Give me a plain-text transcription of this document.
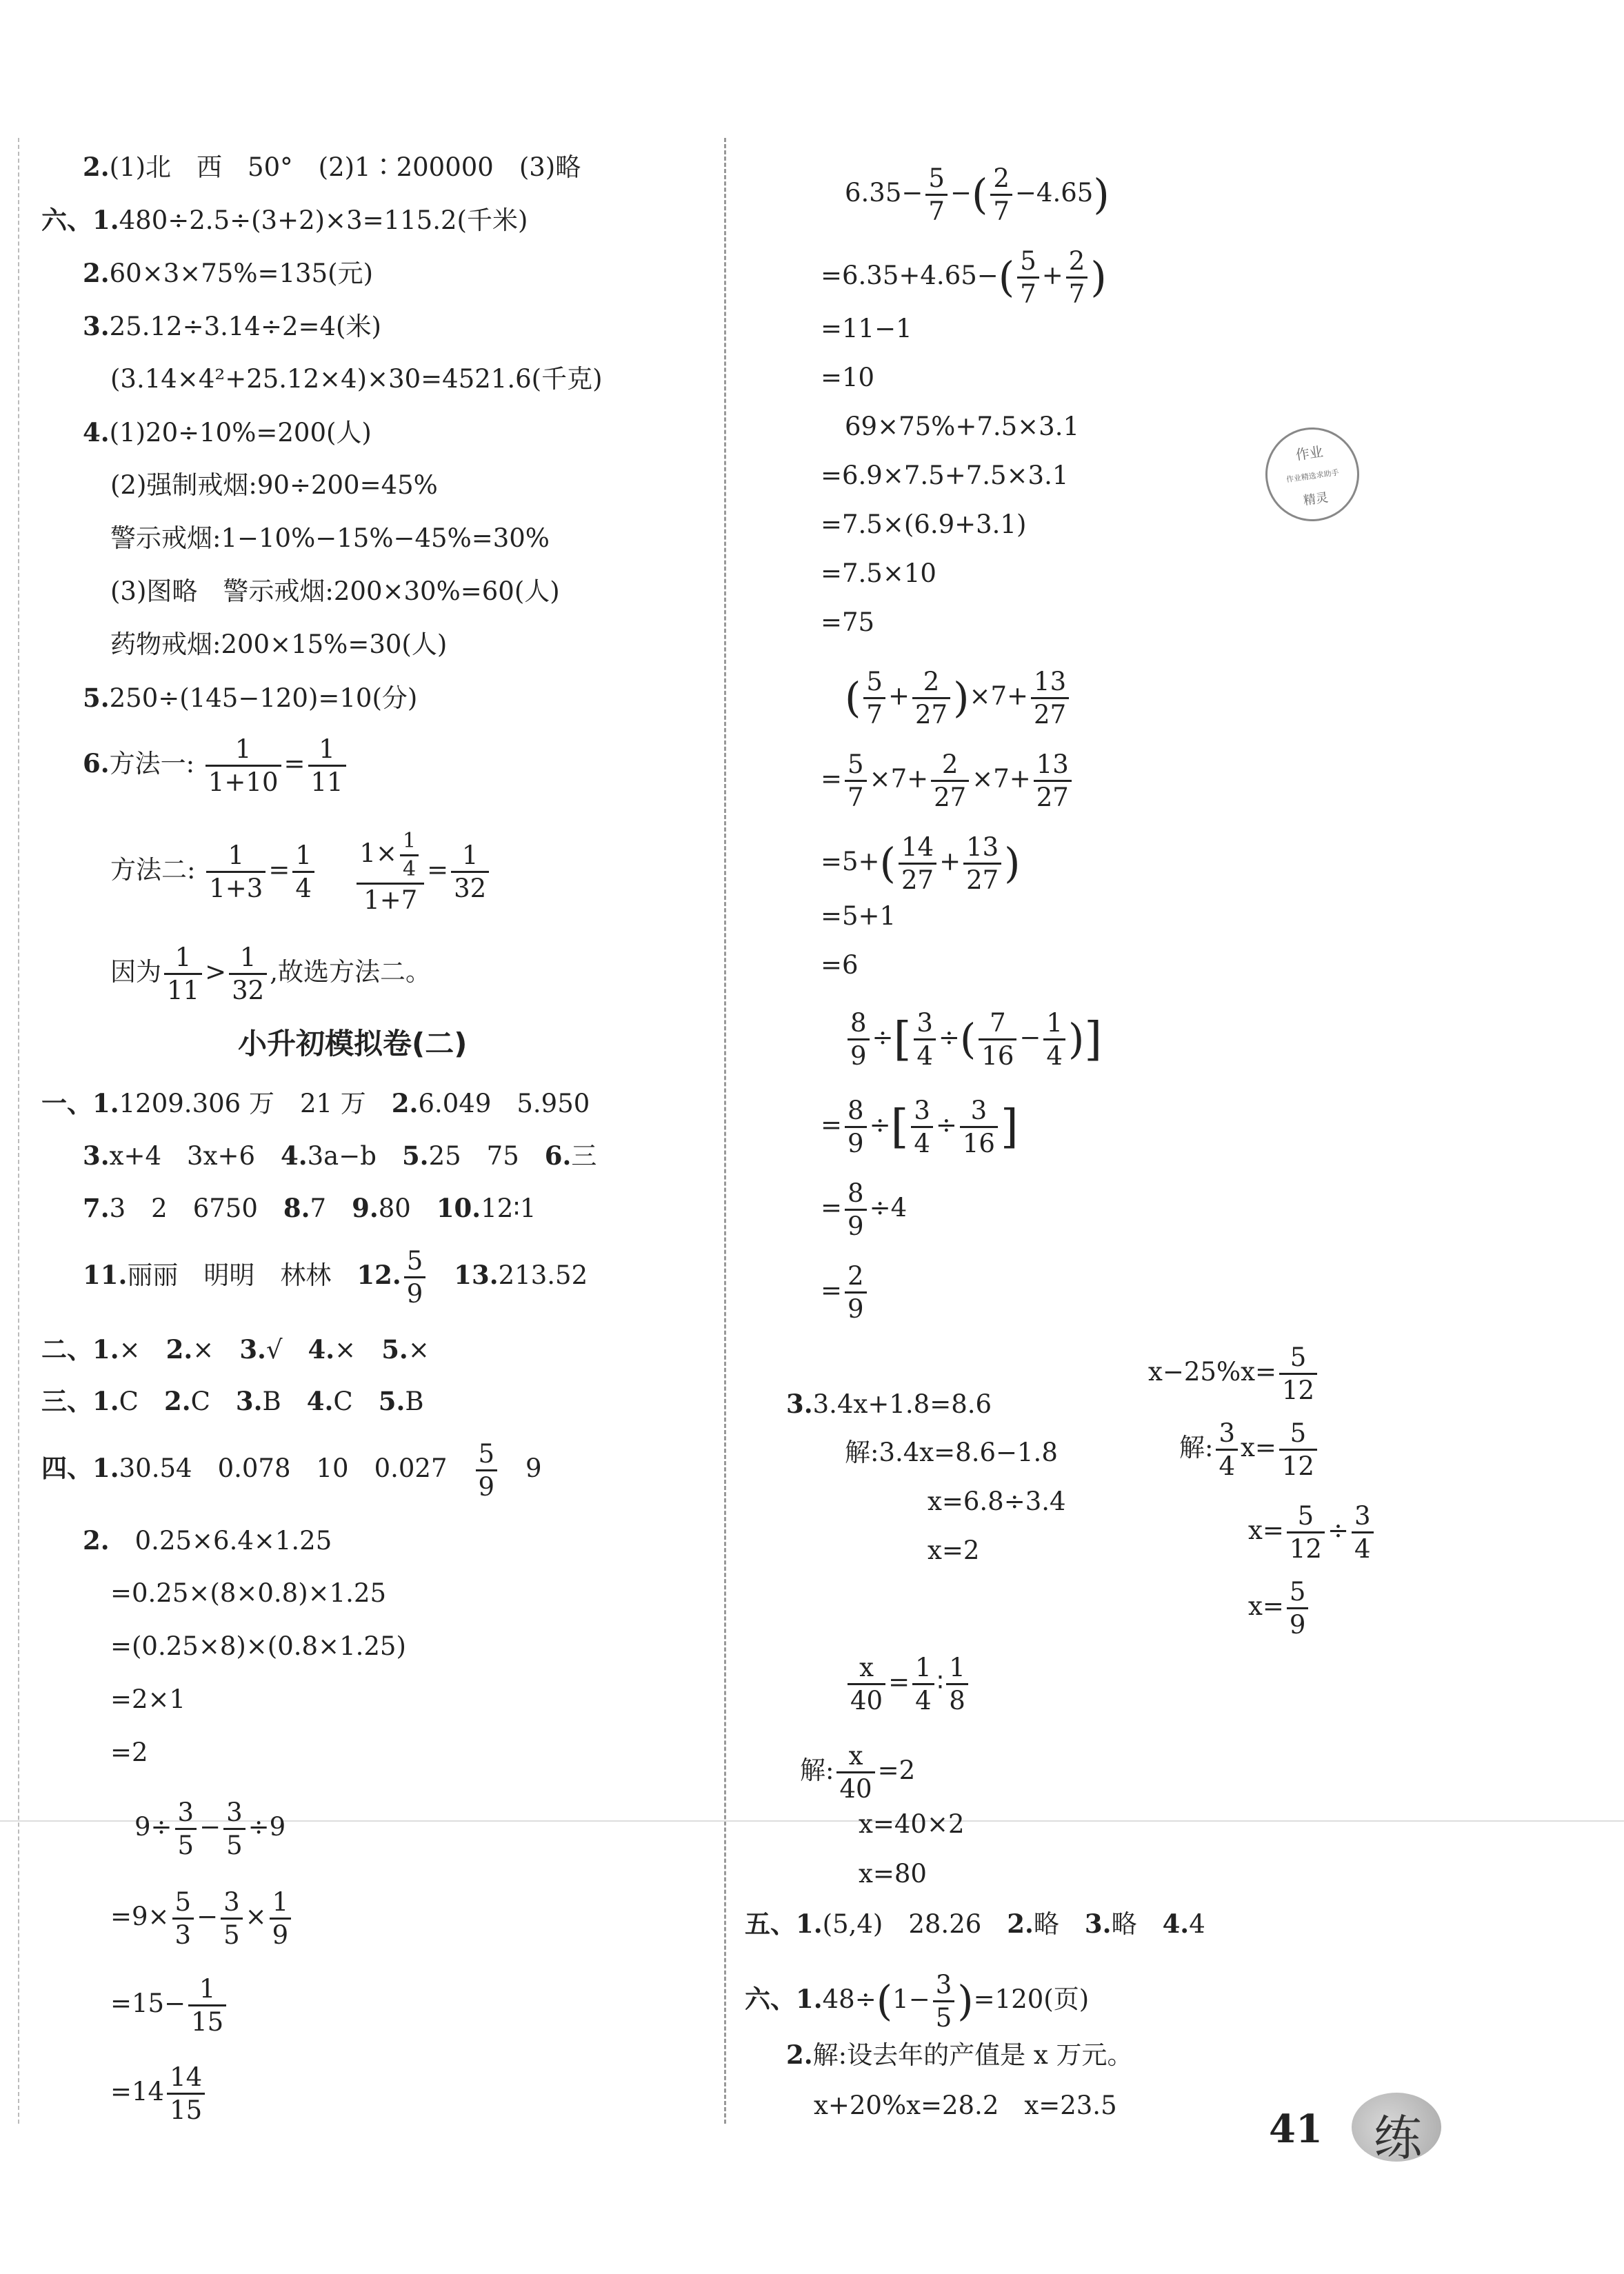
2.(1)北　西　50°　(2)1∶200000　(3)略
六、1.480÷2.5÷(3+2)×3=115.2(千米)
2.60×3×75%=135(元)
3.25.12÷3.14÷2=4(米)
(3.14×4²+25.12×4)×30=4521.6(千克)
4.(1)20÷10%=200(人)
(2)强制戒烟:90÷200=45%
警示戒烟:1−10%−15%−45%=30%
(3)图略　警示戒烟:200×30%=60(人)
药物戒烟:200×15%=30(人)
5.250÷(145−120)=10(分)
6.方法一: $\frac{1}{1+10} = \frac{1}{11}$
方法二: $\frac{1}{1+3} = \frac{1}{4}$
$\frac{1\times \frac{1}{4}}{1+7} = \frac{1}{32}$
因为 $\frac{1}{11} > \frac{1}{32}$ ,故选方法二。
小升初模拟卷(二)
一、1.1209.306 万　21 万　2.6.049　5.950
3.x+4　3x+6　4.3a−b　5.25　75　6.三
7.3　2　6750　8.7　9.80　10.12∶1
11.丽丽　明明　林林　12. $\frac{5}{9}$
　 13.213.52
二、1.×　2.×　3.√　4.×　5.×
三、1.C　2.C　3.B　4.C　5.B
四、1.30.54　0.078　10　0.027　 $\frac{5}{9}$
　 9
2.　 0.25×6.4×1.25
=0.25×(8×0.8)×1.25
=(0.25×8)×(0.8×1.25)
=2×1
=2
$9\div \frac{3}{5} - \frac{3}{5} \div 9$
$=9\times \frac{5}{3} - \frac{3}{5} \times \frac{1}{9}$
$=15- \frac{1}{15}$
$=14 \frac{14}{15}$
$6.35- \frac{5}{7}$ −( $\frac{2}{7} -4.65$)
$=6.35+4.65-( \frac{5}{7} + \frac{2}{7}$ )
=11−1
=10
69×75%+7.5×3.1
=6.9×7.5+7.5×3.1
=7.5×(6.9+3.1)
=7.5×10
=75
( $\frac{5}{7} + \frac{2}{27} )\times 7+ \frac{13}{27}$
= $\frac{5}{7} \times 7+ \frac{2}{27} \times 7+ \frac{13}{27}$
$=5+( \frac{14}{27} + \frac{13}{27}$ )
=5+1
=6
$\frac{8}{9}$ ÷[ $\frac{3}{4}$ ÷( $\frac{7}{16} - \frac{1}{4}$ )]
= $\frac{8}{9}$ ÷[ $\frac{3}{4} \div \frac{3}{16}$ ]
= $\frac{8}{9} \div 4$
= $\frac{2}{9}$
$x-25\%x= \frac{5}{12}$
解: $\frac{3}{4} x= \frac{5}{12}$
$x= \frac{5}{12} \div \frac{3}{4}$
$x= \frac{5}{9}$
3.3.4x+1.8=8.6
解:3.4x=8.6−1.8
x=6.8÷3.4
x=2
$\frac{x}{40} = \frac{1}{4}$ ∶ $\frac{1}{8}$
解: $\frac{x}{40} =2$
x=40×2
x=80
五、1.(5,4)　28.26　2.略　3.略　4.4
六、$1.48\div(1- \frac{3}{5} )=120$(页)
2.解:设去年的产值是 x 万元。
x+20%x=28.2　x=23.5
作业
作业精选求助手
精灵
41 练
